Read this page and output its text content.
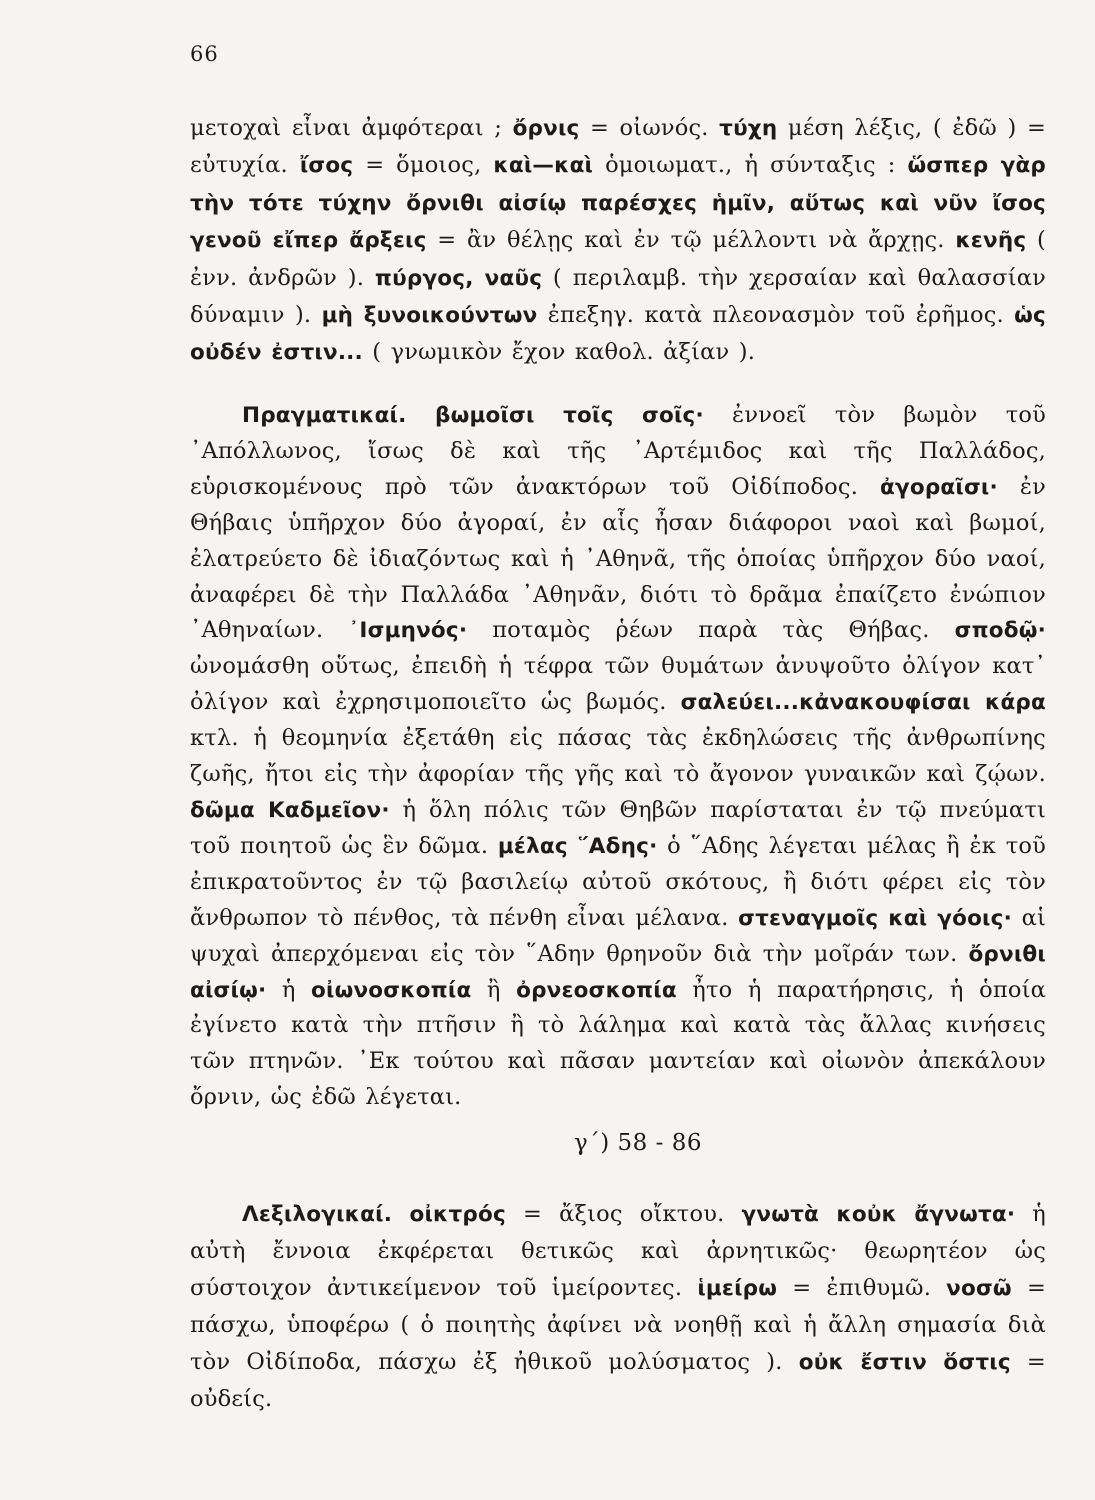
66
μετοχαὶ εἶναι ἀμφότεραι ; ὄρνις = οἰωνός. τύχη μέση λέξις, ( ἐδῶ ) = εὐτυχία. ἴσος = ὅμοιος, καὶ—καὶ ὁμοιωματ., ἡ σύνταξις : ὥσπερ γὰρ τὴν τότε τύχην ὄρνιθι αἰσίῳ παρέσχες ἡμῖν, αὕτως καὶ νῦν ἴσος γενοῦ εἴπερ ἄρξεις = ἂν θέλῃς καὶ ἐν τῷ μέλλοντι νὰ ἄρχῃς. κενῆς ( ἐνν. ἀνδρῶν ). πύργος, ναῦς ( περιλαμβ. τὴν χερσαίαν καὶ θαλασσίαν δύναμιν ). μὴ ξυνοικούντων ἐπεξηγ. κατὰ πλεονασμὸν τοῦ ἐρῆμος. ὡς οὐδέν ἐστιν... ( γνωμικὸν ἔχον καθολ. ἀξίαν ).
Πραγματικαί. βωμοῖσι τοῖς σοῖς· ἐννοεῖ τὸν βωμὸν τοῦ ᾿Απόλλωνος, ἴσως δὲ καὶ τῆς ᾿Αρτέμιδος καὶ τῆς Παλλάδος, εὑρισκομένους πρὸ τῶν ἀνακτόρων τοῦ Οἰδίποδος. ἀγοραῖσι· ἐν Θήβαις ὑπῆρχον δύο ἀγοραί, ἐν αἷς ἦσαν διάφοροι ναοὶ καὶ βωμοί, ἐλατρεύετο δὲ ἰδιαζόντως καὶ ἡ ᾿Αθηνᾶ, τῆς ὁποίας ὑπῆρχον δύο ναοί, ἀναφέρει δὲ τὴν Παλλάδα ᾿Αθηνᾶν, διότι τὸ δρᾶμα ἐπαίζετο ἐνώπιον ᾿Αθηναίων. ᾿Ισμηνός· ποταμὸς ῥέων παρὰ τὰς Θήβας. σποδῷ· ὠνομάσθη οὕτως, ἐπειδὴ ἡ τέφρα τῶν θυμάτων ἀνυψοῦτο ὀλίγον κατ᾿ ὀλίγον καὶ ἐχρησιμοποιεῖτο ὡς βωμός. σαλεύει...κἀνακουφίσαι κάρα κτλ. ἡ θεομηνία ἐξετάθη εἰς πάσας τὰς ἐκδηλώσεις τῆς ἀνθρωπίνης ζωῆς, ἤτοι εἰς τὴν ἀφορίαν τῆς γῆς καὶ τὸ ἄγονον γυναικῶν καὶ ζῴων. δῶμα Καδμεῖον· ἡ ὅλη πόλις τῶν Θηβῶν παρίσταται ἐν τῷ πνεύματι τοῦ ποιητοῦ ὡς ἓν δῶμα. μέλας ῞Αδης· ὁ ῞Αδης λέγεται μέλας ἢ ἐκ τοῦ ἐπικρατοῦντος ἐν τῷ βασιλείῳ αὐτοῦ σκότους, ἢ διότι φέρει εἰς τὸν ἄνθρωπον τὸ πένθος, τὰ πένθη εἶναι μέλανα. στεναγμοῖς καὶ γόοις· αἱ ψυχαὶ ἀπερχόμεναι εἰς τὸν ῞Αδην θρηνοῦν διὰ τὴν μοῖράν των. ὄρνιθι αἰσίῳ· ἡ οἰωνοσκοπία ἢ ὀρνεοσκοπία ἦτο ἡ παρατήρησις, ἡ ὁποία ἐγίνετο κατὰ τὴν πτῆσιν ἢ τὸ λάλημα καὶ κατὰ τὰς ἄλλας κινήσεις τῶν πτηνῶν. ᾿Εκ τούτου καὶ πᾶσαν μαντείαν καὶ οἰωνὸν ἀπεκάλουν ὄρνιν, ὡς ἐδῶ λέγεται.
γ΄) 58 - 86
Λεξιλογικαί. οἰκτρός = ἄξιος οἴκτου. γνωτὰ κοὐκ ἄγνωτα· ἡ αὐτὴ ἔννοια ἐκφέρεται θετικῶς καὶ ἀρνητικῶς· θεωρητέον ὡς σύστοιχον ἀντικείμενον τοῦ ἱμείροντες. ἱμείρω = ἐπιθυμῶ. νοσῶ = πάσχω, ὑποφέρω ( ὁ ποιητὴς ἀφίνει νὰ νοηθῇ καὶ ἡ ἄλλη σημασία διὰ τὸν Οἰδίποδα, πάσχω ἐξ ἠθικοῦ μολύσματος ). οὐκ ἔστιν ὅστις = οὐδείς.
